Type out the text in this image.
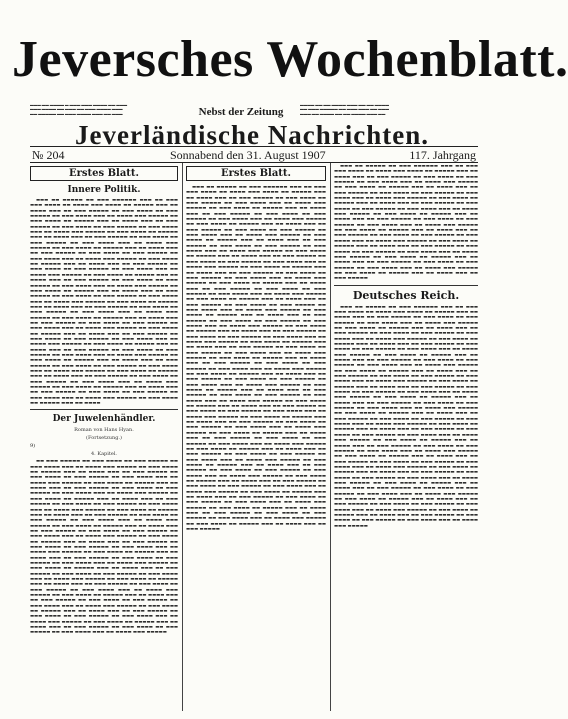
Jeversches Wochenblatt.
▬▬▬ ▬▬ ▬▬▬▬ ▬ ▬▬▬ ▬▬▬ ▬▬▬▬ ▬▬ ▬▬▬
▬▬▬ ▬▬▬▬ ▬▬ ▬▬▬ ▬▬ ▬▬▬ ▬▬▬▬ ▬▬▬
▬▬ ▬▬▬▬▬ ▬▬ ▬▬▬ ▬▬▬▬ ▬▬▬ ▬▬ ▬▬▬	Nebst der Zeitung
▬▬▬▬ ▬▬ ▬▬ ▬▬▬▬ ▬▬▬ ▬▬ ▬▬ ▬▬▬▬
▬▬ ▬▬▬ ▬▬▬▬▬ ▬▬ ▬▬▬ ▬▬▬ ▬▬ ▬▬▬
▬▬▬ ▬▬ ▬▬▬▬ ▬▬ ▬▬ ▬▬▬▬ ▬▬▬ ▬▬
Jeverländische Nachrichten.
№ 204	Sonnabend den 31. August 1907	117. Jahrgang
Erstes Blatt.
Innere Politik.

▬▬▬ ▬▬ ▬▬▬▬▬ ▬▬ ▬▬▬ ▬▬▬▬▬▬ ▬▬▬ ▬▬ ▬▬▬ ▬▬▬ ▬▬▬▬ ▬▬ ▬▬▬▬ ▬▬▬ ▬▬▬▬ ▬▬ ▬▬▬▬▬ ▬▬▬ ▬▬ ▬▬▬▬ ▬▬▬ ▬▬ ▬▬▬ ▬▬▬▬▬ ▬▬ ▬▬▬ ▬▬▬▬ ▬▬ ▬▬▬ ▬▬▬▬▬ ▬▬ ▬▬▬ ▬▬▬▬ ▬▬▬ ▬▬ ▬▬▬▬ ▬▬▬ ▬▬▬▬▬ ▬▬ ▬▬▬ ▬▬▬▬ ▬▬ ▬▬▬▬▬ ▬▬▬ ▬▬ ▬▬▬▬ ▬▬▬ ▬▬ ▬▬▬ ▬▬▬▬▬ ▬▬ ▬▬▬ ▬▬▬▬ ▬▬ ▬▬▬ ▬▬▬▬▬ ▬▬ ▬▬▬ ▬▬▬▬ ▬▬▬ ▬▬ ▬▬▬▬ ▬▬▬ ▬▬▬▬▬ ▬▬ ▬▬▬ ▬▬▬▬ ▬▬ ▬▬▬▬▬ ▬▬▬ ▬▬ ▬▬▬▬ ▬▬▬ ▬▬ ▬▬▬ ▬▬▬▬▬ ▬▬ ▬▬▬ ▬▬▬▬ ▬▬ ▬▬▬ ▬▬▬▬▬ ▬▬ ▬▬▬ ▬▬▬▬ ▬▬▬ ▬▬ ▬▬▬▬ ▬▬▬ ▬▬▬▬▬ ▬▬ ▬▬▬ ▬▬▬▬ ▬▬ ▬▬▬▬▬ ▬▬▬ ▬▬ ▬▬▬▬ ▬▬▬ ▬▬ ▬▬▬ ▬▬▬▬▬ ▬▬ ▬▬▬ ▬▬▬▬ ▬▬ ▬▬▬ ▬▬▬▬▬ ▬▬ ▬▬▬ ▬▬▬▬ ▬▬▬ ▬▬ ▬▬▬▬ ▬▬▬ ▬▬▬▬▬ ▬▬ ▬▬▬ ▬▬▬▬ ▬▬ ▬▬▬▬▬ ▬▬▬ ▬▬ ▬▬▬▬ ▬▬▬ ▬▬ ▬▬▬ ▬▬▬▬▬ ▬▬ ▬▬▬ ▬▬▬▬ ▬▬ ▬▬▬ ▬▬▬▬▬ ▬▬ ▬▬▬ ▬▬▬▬ ▬▬▬ ▬▬ ▬▬▬▬ ▬▬▬ ▬▬▬▬▬ ▬▬ ▬▬▬ ▬▬▬▬ ▬▬ ▬▬▬▬▬ ▬▬▬ ▬▬ ▬▬▬▬ ▬▬▬ ▬▬ ▬▬▬ ▬▬▬▬▬ ▬▬ ▬▬▬ ▬▬▬▬ ▬▬ ▬▬▬ ▬▬▬▬▬ ▬▬ ▬▬▬ ▬▬▬▬ ▬▬▬ ▬▬ ▬▬▬▬ ▬▬▬ ▬▬▬▬▬ ▬▬ ▬▬▬ ▬▬▬▬ ▬▬ ▬▬▬▬▬ ▬▬▬ ▬▬ ▬▬▬▬ ▬▬▬ ▬▬ ▬▬▬ ▬▬▬▬▬ ▬▬ ▬▬▬ ▬▬▬▬ ▬▬ ▬▬▬ ▬▬▬▬▬ ▬▬ ▬▬▬ ▬▬▬▬ ▬▬▬ ▬▬ ▬▬▬▬ ▬▬▬ ▬▬▬▬▬ ▬▬ ▬▬▬ ▬▬▬▬ ▬▬ ▬▬▬▬▬ ▬▬▬ ▬▬ ▬▬▬▬ ▬▬▬ ▬▬ ▬▬▬ ▬▬▬▬▬ ▬▬ ▬▬▬ ▬▬▬▬ ▬▬ ▬▬▬ ▬▬▬▬▬ ▬▬ ▬▬▬ ▬▬▬▬ ▬▬▬ ▬▬ ▬▬▬▬ ▬▬▬ ▬▬▬▬▬ ▬▬ ▬▬▬ ▬▬▬▬ ▬▬ ▬▬▬▬▬ ▬▬▬ ▬▬ ▬▬▬▬ ▬▬▬ ▬▬ ▬▬▬ ▬▬▬▬▬ ▬▬ ▬▬▬ ▬▬▬▬ ▬▬ ▬▬▬ ▬▬▬▬▬ ▬▬ ▬▬▬ ▬▬▬▬ ▬▬▬ ▬▬ ▬▬▬▬ ▬▬▬ ▬▬▬▬▬ ▬▬ ▬▬▬ ▬▬▬▬ ▬▬ ▬▬▬▬▬ ▬▬▬ ▬▬ ▬▬▬▬ ▬▬▬ ▬▬ ▬▬▬ ▬▬▬▬▬ ▬▬ ▬▬▬ ▬▬▬▬ ▬▬ ▬▬▬ ▬▬▬▬▬ ▬▬ ▬▬▬ ▬▬▬▬ ▬▬▬ ▬▬ ▬▬▬▬ ▬▬▬ ▬▬▬▬▬ ▬▬ ▬▬▬ ▬▬▬▬ ▬▬ ▬▬▬▬▬ ▬▬▬ ▬▬ ▬▬▬▬ ▬▬▬ ▬▬ ▬▬▬ ▬▬▬▬▬ ▬▬ ▬▬▬ ▬▬▬▬ ▬▬ ▬▬▬ ▬▬▬▬▬ ▬▬ ▬▬▬ ▬▬▬▬ ▬▬▬ ▬▬ ▬▬▬▬ ▬▬▬ ▬▬▬▬▬ ▬▬ ▬▬▬ ▬▬▬▬ ▬▬ ▬▬▬▬▬ ▬▬▬ ▬▬ ▬▬▬▬ ▬▬▬ ▬▬ ▬▬▬ ▬▬▬▬▬ ▬▬ ▬▬▬ ▬▬▬▬ ▬▬ ▬▬▬ ▬▬▬▬▬ ▬▬ ▬▬▬ ▬▬▬▬ ▬▬▬ ▬▬ ▬▬▬▬ ▬▬▬ ▬▬▬▬▬ ▬▬ ▬▬▬ ▬▬▬▬ ▬▬ ▬▬▬▬▬ ▬▬▬ ▬▬ ▬▬▬▬ ▬▬▬ ▬▬ ▬▬▬ ▬▬▬▬▬ ▬▬ ▬▬▬ ▬▬▬▬ ▬▬ ▬▬▬ ▬▬▬▬▬ ▬▬ ▬▬▬ ▬▬▬▬ ▬▬▬ ▬▬ ▬▬▬▬ ▬▬▬ ▬▬▬▬▬ ▬▬ ▬▬▬ ▬▬▬▬ ▬▬ ▬▬▬▬▬ ▬▬▬ ▬▬ ▬▬▬▬ ▬▬▬ ▬▬ ▬▬▬ ▬▬▬▬▬ ▬▬ ▬▬▬ ▬▬▬▬ ▬▬ ▬▬▬ ▬▬▬▬▬ ▬▬ ▬▬▬ ▬▬▬▬ ▬▬▬ ▬▬ ▬▬▬▬ ▬▬▬ ▬▬▬▬▬ ▬▬ ▬▬▬ ▬▬▬▬ ▬▬ ▬▬▬▬▬ ▬▬▬ ▬▬ ▬▬▬▬

Der Juwelenhändler.
Roman von Hans Hyan.
(Fortsetzung.)
9)
4. Kapitel.

▬▬ ▬▬▬ ▬▬▬▬▬ ▬▬ ▬▬▬ ▬▬▬▬ ▬▬ ▬▬▬ ▬▬▬▬▬ ▬▬ ▬▬▬ ▬▬▬▬ ▬▬▬ ▬▬ ▬▬▬▬ ▬▬▬ ▬▬▬▬▬ ▬▬ ▬▬▬ ▬▬▬▬ ▬▬ ▬▬▬▬▬ ▬▬▬ ▬▬ ▬▬▬▬ ▬▬▬ ▬▬ ▬▬▬ ▬▬▬▬▬ ▬▬ ▬▬▬ ▬▬▬▬ ▬▬ ▬▬▬ ▬▬▬▬▬ ▬▬ ▬▬▬ ▬▬▬▬ ▬▬▬ ▬▬ ▬▬▬▬ ▬▬▬ ▬▬▬▬▬ ▬▬ ▬▬▬ ▬▬▬▬ ▬▬ ▬▬▬▬▬ ▬▬▬ ▬▬ ▬▬▬▬ ▬▬▬ ▬▬ ▬▬▬ ▬▬▬▬▬ ▬▬ ▬▬▬ ▬▬▬▬ ▬▬ ▬▬▬ ▬▬▬▬▬ ▬▬ ▬▬▬ ▬▬▬▬ ▬▬▬ ▬▬ ▬▬▬▬ ▬▬▬ ▬▬▬▬▬ ▬▬ ▬▬▬ ▬▬▬▬ ▬▬ ▬▬▬▬▬ ▬▬▬ ▬▬ ▬▬▬▬ ▬▬▬ ▬▬ ▬▬▬ ▬▬▬▬▬ ▬▬ ▬▬▬ ▬▬▬▬ ▬▬ ▬▬▬ ▬▬▬▬▬ ▬▬ ▬▬▬ ▬▬▬▬ ▬▬▬ ▬▬ ▬▬▬▬ ▬▬▬ ▬▬▬▬▬ ▬▬ ▬▬▬ ▬▬▬▬ ▬▬ ▬▬▬▬▬ ▬▬▬ ▬▬ ▬▬▬▬ ▬▬▬ ▬▬ ▬▬▬ ▬▬▬▬▬ ▬▬ ▬▬▬ ▬▬▬▬ ▬▬ ▬▬▬ ▬▬▬▬▬ ▬▬ ▬▬▬ ▬▬▬▬ ▬▬▬ ▬▬ ▬▬▬▬ ▬▬▬ ▬▬▬▬▬ ▬▬ ▬▬▬ ▬▬▬▬ ▬▬ ▬▬▬▬▬ ▬▬▬ ▬▬ ▬▬▬▬ ▬▬▬ ▬▬ ▬▬▬ ▬▬▬▬▬ ▬▬ ▬▬▬ ▬▬▬▬ ▬▬ ▬▬▬ ▬▬▬▬▬ ▬▬ ▬▬▬ ▬▬▬▬ ▬▬▬ ▬▬ ▬▬▬▬ ▬▬▬ ▬▬▬▬▬ ▬▬ ▬▬▬ ▬▬▬▬ ▬▬ ▬▬▬▬▬ ▬▬▬ ▬▬ ▬▬▬▬ ▬▬▬ ▬▬ ▬▬▬ ▬▬▬▬▬ ▬▬ ▬▬▬ ▬▬▬▬ ▬▬ ▬▬▬ ▬▬▬▬▬ ▬▬ ▬▬▬ ▬▬▬▬ ▬▬▬ ▬▬ ▬▬▬▬ ▬▬▬ ▬▬▬▬▬ ▬▬ ▬▬▬ ▬▬▬▬ ▬▬ ▬▬▬▬▬ ▬▬▬ ▬▬ ▬▬▬▬ ▬▬▬ ▬▬ ▬▬▬ ▬▬▬▬▬ ▬▬ ▬▬▬ ▬▬▬▬ ▬▬ ▬▬▬ ▬▬▬▬▬ ▬▬ ▬▬▬ ▬▬▬▬ ▬▬▬ ▬▬ ▬▬▬▬ ▬▬▬ ▬▬▬▬▬ ▬▬ ▬▬▬ ▬▬▬▬ ▬▬ ▬▬▬▬▬ ▬▬▬ ▬▬ ▬▬▬▬ ▬▬▬ ▬▬ ▬▬▬ ▬▬▬▬▬ ▬▬ ▬▬▬ ▬▬▬▬ ▬▬ ▬▬▬ ▬▬▬▬▬ ▬▬ ▬▬▬ ▬▬▬▬ ▬▬▬ ▬▬ ▬▬▬▬ ▬▬▬ ▬▬▬▬▬ ▬▬ ▬▬▬ ▬▬▬▬ ▬▬ ▬▬▬▬▬ ▬▬▬ ▬▬ ▬▬▬▬ ▬▬▬ ▬▬ ▬▬▬ ▬▬▬▬▬ ▬▬ ▬▬▬ ▬▬▬▬ ▬▬ ▬▬▬ ▬▬▬▬▬ ▬▬ ▬▬▬ ▬▬▬▬ ▬▬▬ ▬▬ ▬▬▬▬ ▬▬▬ ▬▬▬▬▬ ▬▬ ▬▬▬ ▬▬▬▬ ▬▬ ▬▬▬▬▬ ▬▬▬ ▬▬ ▬▬▬▬ ▬▬▬ ▬▬ ▬▬▬ ▬▬▬▬▬ ▬▬ ▬▬▬ ▬▬▬▬ ▬▬ ▬▬▬ ▬▬▬▬▬ ▬▬ ▬▬▬ ▬▬▬▬ ▬▬▬ ▬▬ ▬▬▬▬ ▬▬▬ ▬▬▬▬▬ ▬▬ ▬▬▬ ▬▬▬▬ ▬▬ ▬▬▬▬▬ ▬▬▬ ▬▬ ▬▬▬▬ ▬▬▬ ▬▬ ▬▬▬ ▬▬▬▬▬ ▬▬ ▬▬▬ ▬▬▬▬ ▬▬ ▬▬▬ ▬▬▬▬▬ ▬▬ ▬▬▬ ▬▬▬▬ ▬▬▬ ▬▬ ▬▬▬▬ ▬▬▬ ▬▬▬▬▬ ▬▬ ▬▬▬ ▬▬▬▬ ▬▬ ▬▬▬▬▬ ▬▬▬ ▬▬ ▬▬▬▬ ▬▬▬ ▬▬ ▬▬▬ ▬▬▬▬▬ ▬▬ ▬▬▬ ▬▬▬▬ ▬▬ ▬▬▬ ▬▬▬▬▬ ▬▬ ▬▬▬ ▬▬▬▬ ▬▬▬ ▬▬ ▬▬▬▬ ▬▬▬ ▬▬▬▬▬

Erstes Blatt.

▬▬▬ ▬▬ ▬▬▬▬▬ ▬▬ ▬▬▬ ▬▬▬▬▬▬ ▬▬▬ ▬▬ ▬▬▬ ▬▬▬ ▬▬▬▬ ▬▬ ▬▬▬▬ ▬▬▬ ▬▬▬▬ ▬▬ ▬▬▬▬▬ ▬▬▬ ▬▬ ▬▬▬▬ ▬▬▬ ▬▬ ▬▬▬ ▬▬▬▬▬ ▬▬ ▬▬▬ ▬▬▬▬ ▬▬ ▬▬▬ ▬▬▬▬▬ ▬▬ ▬▬▬ ▬▬▬▬ ▬▬▬ ▬▬ ▬▬▬▬ ▬▬▬ ▬▬▬▬▬ ▬▬ ▬▬▬ ▬▬▬▬ ▬▬ ▬▬▬▬▬ ▬▬▬ ▬▬ ▬▬▬▬ ▬▬▬ ▬▬ ▬▬▬ ▬▬▬▬▬ ▬▬ ▬▬▬ ▬▬▬▬ ▬▬ ▬▬▬ ▬▬▬▬▬ ▬▬ ▬▬▬ ▬▬▬▬ ▬▬▬ ▬▬ ▬▬▬▬ ▬▬▬ ▬▬▬▬▬ ▬▬ ▬▬▬ ▬▬▬▬ ▬▬ ▬▬▬▬▬ ▬▬▬ ▬▬ ▬▬▬▬ ▬▬▬ ▬▬ ▬▬▬ ▬▬▬▬▬ ▬▬ ▬▬▬ ▬▬▬▬ ▬▬ ▬▬▬ ▬▬▬▬▬ ▬▬ ▬▬▬ ▬▬▬▬ ▬▬▬ ▬▬ ▬▬▬▬ ▬▬▬ ▬▬▬▬▬ ▬▬ ▬▬▬ ▬▬▬▬ ▬▬ ▬▬▬▬▬ ▬▬▬ ▬▬ ▬▬▬▬ ▬▬▬ ▬▬ ▬▬▬ ▬▬▬▬▬ ▬▬ ▬▬▬ ▬▬▬▬ ▬▬ ▬▬▬ ▬▬▬▬▬ ▬▬ ▬▬▬ ▬▬▬▬ ▬▬▬ ▬▬ ▬▬▬▬ ▬▬▬ ▬▬▬▬▬ ▬▬ ▬▬▬ ▬▬▬▬ ▬▬ ▬▬▬▬▬ ▬▬▬ ▬▬ ▬▬▬▬ ▬▬▬ ▬▬ ▬▬▬ ▬▬▬▬▬ ▬▬ ▬▬▬ ▬▬▬▬ ▬▬ ▬▬▬ ▬▬▬▬▬ ▬▬ ▬▬▬ ▬▬▬▬ ▬▬▬ ▬▬ ▬▬▬▬ ▬▬▬ ▬▬▬▬▬ ▬▬ ▬▬▬ ▬▬▬▬ ▬▬ ▬▬▬▬▬ ▬▬▬ ▬▬ ▬▬▬▬ ▬▬▬ ▬▬ ▬▬▬ ▬▬▬▬▬ ▬▬ ▬▬▬ ▬▬▬▬ ▬▬ ▬▬▬ ▬▬▬▬▬ ▬▬ ▬▬▬ ▬▬▬▬ ▬▬▬ ▬▬ ▬▬▬▬ ▬▬▬ ▬▬▬▬▬ ▬▬ ▬▬▬ ▬▬▬▬ ▬▬ ▬▬▬▬▬ ▬▬▬ ▬▬ ▬▬▬▬ ▬▬▬ ▬▬ ▬▬▬ ▬▬▬▬▬ ▬▬ ▬▬▬ ▬▬▬▬ ▬▬ ▬▬▬ ▬▬▬▬▬ ▬▬ ▬▬▬ ▬▬▬▬ ▬▬▬ ▬▬ ▬▬▬▬ ▬▬▬ ▬▬▬▬▬ ▬▬ ▬▬▬ ▬▬▬▬ ▬▬ ▬▬▬▬▬ ▬▬▬ ▬▬ ▬▬▬▬ ▬▬▬ ▬▬ ▬▬▬ ▬▬▬▬▬ ▬▬ ▬▬▬ ▬▬▬▬ ▬▬ ▬▬▬ ▬▬▬▬▬ ▬▬ ▬▬▬ ▬▬▬▬ ▬▬▬ ▬▬ ▬▬▬▬ ▬▬▬ ▬▬▬▬▬ ▬▬ ▬▬▬ ▬▬▬▬ ▬▬ ▬▬▬▬▬ ▬▬▬ ▬▬ ▬▬▬▬ ▬▬▬ ▬▬ ▬▬▬ ▬▬▬▬▬ ▬▬ ▬▬▬ ▬▬▬▬ ▬▬ ▬▬▬ ▬▬▬▬▬ ▬▬ ▬▬▬ ▬▬▬▬ ▬▬▬ ▬▬ ▬▬▬▬ ▬▬▬ ▬▬▬▬▬ ▬▬ ▬▬▬ ▬▬▬▬ ▬▬ ▬▬▬▬▬ ▬▬▬ ▬▬ ▬▬▬▬ ▬▬▬ ▬▬ ▬▬▬ ▬▬▬▬▬ ▬▬ ▬▬▬ ▬▬▬▬ ▬▬ ▬▬▬ ▬▬▬▬▬ ▬▬ ▬▬▬ ▬▬▬▬ ▬▬▬ ▬▬ ▬▬▬▬ ▬▬▬ ▬▬▬▬▬ ▬▬ ▬▬▬ ▬▬▬▬ ▬▬ ▬▬▬▬▬ ▬▬▬ ▬▬ ▬▬▬▬ ▬▬▬ ▬▬ ▬▬▬ ▬▬▬▬▬ ▬▬ ▬▬▬ ▬▬▬▬ ▬▬ ▬▬▬ ▬▬▬▬▬ ▬▬ ▬▬▬ ▬▬▬▬ ▬▬▬ ▬▬ ▬▬▬▬ ▬▬▬ ▬▬▬▬▬ ▬▬ ▬▬▬ ▬▬▬▬ ▬▬ ▬▬▬▬▬ ▬▬▬ ▬▬ ▬▬▬▬ ▬▬▬ ▬▬ ▬▬▬ ▬▬▬▬▬ ▬▬ ▬▬▬ ▬▬▬▬ ▬▬ ▬▬▬ ▬▬▬▬▬ ▬▬ ▬▬▬ ▬▬▬▬ ▬▬▬ ▬▬ ▬▬▬▬ ▬▬▬ ▬▬▬▬▬ ▬▬ ▬▬▬ ▬▬▬▬ ▬▬ ▬▬▬▬▬ ▬▬▬ ▬▬ ▬▬▬▬ ▬▬▬ ▬▬ ▬▬▬ ▬▬▬▬▬ ▬▬ ▬▬▬ ▬▬▬▬ ▬▬ ▬▬▬ ▬▬▬▬▬ ▬▬ ▬▬▬ ▬▬▬▬ ▬▬▬ ▬▬ ▬▬▬▬ ▬▬▬ ▬▬▬▬▬ ▬▬ ▬▬▬ ▬▬▬▬ ▬▬ ▬▬▬▬▬ ▬▬▬ ▬▬ ▬▬▬▬ ▬▬▬ ▬▬ ▬▬▬ ▬▬▬▬▬ ▬▬ ▬▬▬ ▬▬▬▬ ▬▬ ▬▬▬ ▬▬▬▬▬ ▬▬ ▬▬▬ ▬▬▬▬ ▬▬▬ ▬▬ ▬▬▬▬ ▬▬▬ ▬▬▬▬▬ ▬▬ ▬▬▬ ▬▬▬▬ ▬▬ ▬▬▬▬▬ ▬▬▬ ▬▬ ▬▬▬▬ ▬▬▬ ▬▬ ▬▬▬ ▬▬▬▬▬ ▬▬ ▬▬▬ ▬▬▬▬ ▬▬ ▬▬▬ ▬▬▬▬▬ ▬▬ ▬▬▬ ▬▬▬▬ ▬▬▬ ▬▬ ▬▬▬▬ ▬▬▬ ▬▬▬▬▬ ▬▬ ▬▬▬ ▬▬▬▬ ▬▬ ▬▬▬▬▬ ▬▬▬ ▬▬ ▬▬▬▬ ▬▬▬ ▬▬ ▬▬▬ ▬▬▬▬▬ ▬▬ ▬▬▬ ▬▬▬▬ ▬▬ ▬▬▬ ▬▬▬▬▬ ▬▬ ▬▬▬ ▬▬▬▬ ▬▬▬ ▬▬ ▬▬▬▬ ▬▬▬ ▬▬▬▬▬ ▬▬ ▬▬▬ ▬▬▬▬ ▬▬ ▬▬▬▬▬ ▬▬▬ ▬▬ ▬▬▬▬ ▬▬▬ ▬▬ ▬▬▬ ▬▬▬▬▬ ▬▬ ▬▬▬ ▬▬▬▬ ▬▬ ▬▬▬ ▬▬▬▬▬ ▬▬ ▬▬▬ ▬▬▬▬ ▬▬▬ ▬▬ ▬▬▬▬ ▬▬▬ ▬▬▬▬▬ ▬▬ ▬▬▬ ▬▬▬▬ ▬▬ ▬▬▬▬▬ ▬▬▬ ▬▬ ▬▬▬▬ ▬▬▬ ▬▬ ▬▬▬ ▬▬▬▬▬ ▬▬ ▬▬▬ ▬▬▬▬ ▬▬ ▬▬▬ ▬▬▬▬▬ ▬▬ ▬▬▬ ▬▬▬▬ ▬▬▬ ▬▬ ▬▬▬▬ ▬▬▬ ▬▬▬▬▬ ▬▬ ▬▬▬ ▬▬▬▬ ▬▬ ▬▬▬▬▬ ▬▬▬ ▬▬ ▬▬▬▬ ▬▬▬ ▬▬ ▬▬▬ ▬▬▬▬▬ ▬▬ ▬▬▬ ▬▬▬▬ ▬▬ ▬▬▬ ▬▬▬▬▬ ▬▬ ▬▬▬ ▬▬▬▬ ▬▬▬ ▬▬ ▬▬▬▬ ▬▬▬ ▬▬▬▬▬ ▬▬ ▬▬▬ ▬▬▬▬ ▬▬ ▬▬▬▬▬ ▬▬▬ ▬▬ ▬▬▬▬ ▬▬▬ ▬▬ ▬▬▬ ▬▬▬▬▬ ▬▬ ▬▬▬ ▬▬▬▬ ▬▬ ▬▬▬ ▬▬▬▬▬ ▬▬ ▬▬▬ ▬▬▬▬ ▬▬▬ ▬▬ ▬▬▬▬ ▬▬▬ ▬▬▬▬▬ ▬▬ ▬▬▬ ▬▬▬▬ ▬▬ ▬▬▬▬▬ ▬▬▬ ▬▬ ▬▬▬▬ ▬▬▬ ▬▬ ▬▬▬ ▬▬▬▬▬ ▬▬ ▬▬▬ ▬▬▬▬ ▬▬ ▬▬▬ ▬▬▬▬▬ ▬▬ ▬▬▬ ▬▬▬▬ ▬▬▬ ▬▬ ▬▬▬▬ ▬▬▬ ▬▬▬▬▬ ▬▬ ▬▬▬ ▬▬▬▬ ▬▬ ▬▬▬▬▬ ▬▬▬ ▬▬ ▬▬▬▬ ▬▬▬ ▬▬ ▬▬▬ ▬▬▬▬▬ ▬▬ ▬▬▬ ▬▬▬▬ ▬▬ ▬▬▬ ▬▬▬▬▬ ▬▬ ▬▬▬ ▬▬▬▬ ▬▬▬ ▬▬ ▬▬▬▬ ▬▬▬ ▬▬▬▬▬ ▬▬ ▬▬▬ ▬▬▬▬ ▬▬ ▬▬▬▬▬ ▬▬▬ ▬▬ ▬▬▬▬ ▬▬▬ ▬▬ ▬▬▬ ▬▬▬▬▬

▬▬▬ ▬▬ ▬▬▬▬▬ ▬▬ ▬▬▬ ▬▬▬▬▬▬ ▬▬▬ ▬▬ ▬▬▬ ▬▬▬ ▬▬▬▬ ▬▬ ▬▬▬▬ ▬▬▬ ▬▬▬▬ ▬▬ ▬▬▬▬▬ ▬▬▬ ▬▬ ▬▬▬▬ ▬▬▬ ▬▬ ▬▬▬ ▬▬▬▬▬ ▬▬ ▬▬▬ ▬▬▬▬ ▬▬ ▬▬▬ ▬▬▬▬▬ ▬▬ ▬▬▬ ▬▬▬▬ ▬▬▬ ▬▬ ▬▬▬▬ ▬▬▬ ▬▬▬▬▬ ▬▬ ▬▬▬ ▬▬▬▬ ▬▬ ▬▬▬▬▬ ▬▬▬ ▬▬ ▬▬▬▬ ▬▬▬ ▬▬ ▬▬▬ ▬▬▬▬▬ ▬▬ ▬▬▬ ▬▬▬▬ ▬▬ ▬▬▬ ▬▬▬▬▬ ▬▬ ▬▬▬ ▬▬▬▬ ▬▬▬ ▬▬ ▬▬▬▬ ▬▬▬ ▬▬▬▬▬ ▬▬ ▬▬▬ ▬▬▬▬ ▬▬ ▬▬▬▬▬ ▬▬▬ ▬▬ ▬▬▬▬ ▬▬▬ ▬▬ ▬▬▬ ▬▬▬▬▬ ▬▬ ▬▬▬ ▬▬▬▬ ▬▬ ▬▬▬ ▬▬▬▬▬ ▬▬ ▬▬▬ ▬▬▬▬ ▬▬▬ ▬▬ ▬▬▬▬ ▬▬▬ ▬▬▬▬▬ ▬▬ ▬▬▬ ▬▬▬▬ ▬▬ ▬▬▬▬▬ ▬▬▬ ▬▬ ▬▬▬▬ ▬▬▬ ▬▬ ▬▬▬ ▬▬▬▬▬ ▬▬ ▬▬▬ ▬▬▬▬ ▬▬ ▬▬▬ ▬▬▬▬▬ ▬▬ ▬▬▬ ▬▬▬▬ ▬▬▬ ▬▬ ▬▬▬▬ ▬▬▬ ▬▬▬▬▬ ▬▬ ▬▬▬ ▬▬▬▬ ▬▬ ▬▬▬▬▬ ▬▬▬ ▬▬ ▬▬▬▬ ▬▬▬ ▬▬ ▬▬▬ ▬▬▬▬▬ ▬▬ ▬▬▬ ▬▬▬▬ ▬▬ ▬▬▬ ▬▬▬▬▬ ▬▬ ▬▬▬ ▬▬▬▬ ▬▬▬ ▬▬ ▬▬▬▬ ▬▬▬ ▬▬▬▬▬ ▬▬ ▬▬▬ ▬▬▬▬ ▬▬ ▬▬▬▬▬ ▬▬▬ ▬▬ ▬▬▬▬ ▬▬▬ ▬▬ ▬▬▬ ▬▬▬▬▬ ▬▬ ▬▬▬ ▬▬▬▬ ▬▬ ▬▬▬ ▬▬▬▬▬ ▬▬ ▬▬▬ ▬▬▬▬ ▬▬▬ ▬▬ ▬▬▬▬ ▬▬▬ ▬▬▬▬▬ ▬▬ ▬▬▬ ▬▬▬▬ ▬▬ ▬▬▬▬▬ ▬▬▬ ▬▬ ▬▬▬▬ ▬▬▬ ▬▬ ▬▬▬ ▬▬▬▬▬ ▬▬ ▬▬▬ ▬▬▬▬ ▬▬ ▬▬▬ ▬▬▬▬▬ ▬▬ ▬▬▬ ▬▬▬▬ ▬▬▬ ▬▬ ▬▬▬▬ ▬▬▬ ▬▬▬▬▬ ▬▬ ▬▬▬ ▬▬▬▬ ▬▬ ▬▬▬▬▬ ▬▬▬ ▬▬ ▬▬▬▬ ▬▬▬ ▬▬ ▬▬▬ ▬▬▬▬▬

Deutsches Reich.

▬▬▬ ▬▬ ▬▬▬▬▬ ▬▬ ▬▬▬ ▬▬▬▬▬▬ ▬▬▬ ▬▬ ▬▬▬ ▬▬▬ ▬▬▬▬ ▬▬ ▬▬▬▬ ▬▬▬ ▬▬▬▬ ▬▬ ▬▬▬▬▬ ▬▬▬ ▬▬ ▬▬▬▬ ▬▬▬ ▬▬ ▬▬▬ ▬▬▬▬▬ ▬▬ ▬▬▬ ▬▬▬▬ ▬▬ ▬▬▬ ▬▬▬▬▬ ▬▬ ▬▬▬ ▬▬▬▬ ▬▬▬ ▬▬ ▬▬▬▬ ▬▬▬ ▬▬▬▬▬ ▬▬ ▬▬▬ ▬▬▬▬ ▬▬ ▬▬▬▬▬ ▬▬▬ ▬▬ ▬▬▬▬ ▬▬▬ ▬▬ ▬▬▬ ▬▬▬▬▬ ▬▬ ▬▬▬ ▬▬▬▬ ▬▬ ▬▬▬ ▬▬▬▬▬ ▬▬ ▬▬▬ ▬▬▬▬ ▬▬▬ ▬▬ ▬▬▬▬ ▬▬▬ ▬▬▬▬▬ ▬▬ ▬▬▬ ▬▬▬▬ ▬▬ ▬▬▬▬▬ ▬▬▬ ▬▬ ▬▬▬▬ ▬▬▬ ▬▬ ▬▬▬ ▬▬▬▬▬ ▬▬ ▬▬▬ ▬▬▬▬ ▬▬ ▬▬▬ ▬▬▬▬▬ ▬▬ ▬▬▬ ▬▬▬▬ ▬▬▬ ▬▬ ▬▬▬▬ ▬▬▬ ▬▬▬▬▬ ▬▬ ▬▬▬ ▬▬▬▬ ▬▬ ▬▬▬▬▬ ▬▬▬ ▬▬ ▬▬▬▬ ▬▬▬ ▬▬ ▬▬▬ ▬▬▬▬▬ ▬▬ ▬▬▬ ▬▬▬▬ ▬▬ ▬▬▬ ▬▬▬▬▬ ▬▬ ▬▬▬ ▬▬▬▬ ▬▬▬ ▬▬ ▬▬▬▬ ▬▬▬ ▬▬▬▬▬ ▬▬ ▬▬▬ ▬▬▬▬ ▬▬ ▬▬▬▬▬ ▬▬▬ ▬▬ ▬▬▬▬ ▬▬▬ ▬▬ ▬▬▬ ▬▬▬▬▬ ▬▬ ▬▬▬ ▬▬▬▬ ▬▬ ▬▬▬ ▬▬▬▬▬ ▬▬ ▬▬▬ ▬▬▬▬ ▬▬▬ ▬▬ ▬▬▬▬ ▬▬▬ ▬▬▬▬▬ ▬▬ ▬▬▬ ▬▬▬▬ ▬▬ ▬▬▬▬▬ ▬▬▬ ▬▬ ▬▬▬▬ ▬▬▬ ▬▬ ▬▬▬ ▬▬▬▬▬ ▬▬ ▬▬▬ ▬▬▬▬ ▬▬ ▬▬▬ ▬▬▬▬▬ ▬▬ ▬▬▬ ▬▬▬▬ ▬▬▬ ▬▬ ▬▬▬▬ ▬▬▬ ▬▬▬▬▬ ▬▬ ▬▬▬ ▬▬▬▬ ▬▬ ▬▬▬▬▬ ▬▬▬ ▬▬ ▬▬▬▬ ▬▬▬ ▬▬ ▬▬▬ ▬▬▬▬▬ ▬▬ ▬▬▬ ▬▬▬▬ ▬▬ ▬▬▬ ▬▬▬▬▬ ▬▬ ▬▬▬ ▬▬▬▬ ▬▬▬ ▬▬ ▬▬▬▬ ▬▬▬ ▬▬▬▬▬ ▬▬ ▬▬▬ ▬▬▬▬ ▬▬ ▬▬▬▬▬ ▬▬▬ ▬▬ ▬▬▬▬ ▬▬▬ ▬▬ ▬▬▬ ▬▬▬▬▬ ▬▬ ▬▬▬ ▬▬▬▬ ▬▬ ▬▬▬ ▬▬▬▬▬ ▬▬ ▬▬▬ ▬▬▬▬ ▬▬▬ ▬▬ ▬▬▬▬ ▬▬▬ ▬▬▬▬▬ ▬▬ ▬▬▬ ▬▬▬▬ ▬▬ ▬▬▬▬▬ ▬▬▬ ▬▬ ▬▬▬▬ ▬▬▬ ▬▬ ▬▬▬ ▬▬▬▬▬ ▬▬ ▬▬▬ ▬▬▬▬ ▬▬ ▬▬▬ ▬▬▬▬▬ ▬▬ ▬▬▬ ▬▬▬▬ ▬▬▬ ▬▬ ▬▬▬▬ ▬▬▬ ▬▬▬▬▬ ▬▬ ▬▬▬ ▬▬▬▬ ▬▬ ▬▬▬▬▬ ▬▬▬ ▬▬ ▬▬▬▬ ▬▬▬ ▬▬ ▬▬▬ ▬▬▬▬▬ ▬▬ ▬▬▬ ▬▬▬▬ ▬▬ ▬▬▬ ▬▬▬▬▬ ▬▬ ▬▬▬ ▬▬▬▬ ▬▬▬ ▬▬ ▬▬▬▬ ▬▬▬ ▬▬▬▬▬ ▬▬ ▬▬▬ ▬▬▬▬ ▬▬ ▬▬▬▬▬ ▬▬▬ ▬▬ ▬▬▬▬ ▬▬▬ ▬▬ ▬▬▬ ▬▬▬▬▬ ▬▬ ▬▬▬ ▬▬▬▬ ▬▬ ▬▬▬ ▬▬▬▬▬ ▬▬ ▬▬▬ ▬▬▬▬ ▬▬▬ ▬▬ ▬▬▬▬ ▬▬▬ ▬▬▬▬▬ ▬▬ ▬▬▬ ▬▬▬▬ ▬▬ ▬▬▬▬▬ ▬▬▬ ▬▬ ▬▬▬▬ ▬▬▬ ▬▬ ▬▬▬ ▬▬▬▬▬ ▬▬ ▬▬▬ ▬▬▬▬ ▬▬ ▬▬▬ ▬▬▬▬▬ ▬▬ ▬▬▬ ▬▬▬▬ ▬▬▬ ▬▬ ▬▬▬▬ ▬▬▬ ▬▬▬▬▬ ▬▬ ▬▬▬ ▬▬▬▬ ▬▬ ▬▬▬▬▬ ▬▬▬ ▬▬ ▬▬▬▬ ▬▬▬ ▬▬ ▬▬▬ ▬▬▬▬▬ ▬▬ ▬▬▬ ▬▬▬▬ ▬▬ ▬▬▬ ▬▬▬▬▬ ▬▬ ▬▬▬ ▬▬▬▬ ▬▬▬ ▬▬ ▬▬▬▬ ▬▬▬ ▬▬▬▬▬ ▬▬ ▬▬▬ ▬▬▬▬ ▬▬ ▬▬▬▬▬ ▬▬▬ ▬▬ ▬▬▬▬ ▬▬▬ ▬▬ ▬▬▬ ▬▬▬▬▬ ▬▬ ▬▬▬ ▬▬▬▬ ▬▬ ▬▬▬ ▬▬▬▬▬ ▬▬ ▬▬▬ ▬▬▬▬ ▬▬▬ ▬▬ ▬▬▬▬ ▬▬▬ ▬▬▬▬▬ ▬▬ ▬▬▬ ▬▬▬▬ ▬▬ ▬▬▬▬▬ ▬▬▬ ▬▬ ▬▬▬▬ ▬▬▬ ▬▬ ▬▬▬ ▬▬▬▬▬ ▬▬ ▬▬▬ ▬▬▬▬ ▬▬ ▬▬▬ ▬▬▬▬▬ ▬▬ ▬▬▬ ▬▬▬▬ ▬▬▬ ▬▬ ▬▬▬▬ ▬▬▬ ▬▬▬▬▬
